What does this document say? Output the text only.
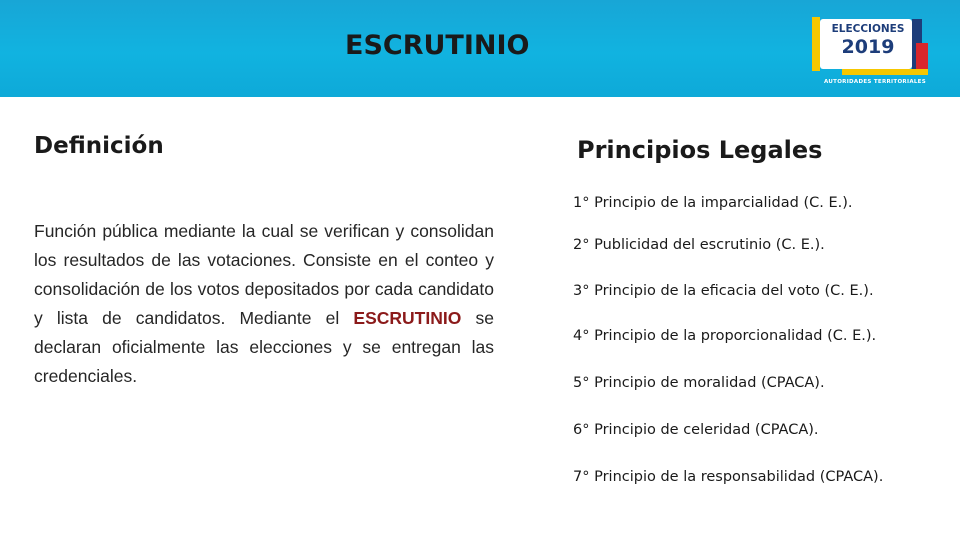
ESCRUTINIO
ELECCIONES
2019
AUTORIDADES TERRITORIALES
Definición
Función pública mediante la cual se verifican y consolidan los resultados de las votaciones. Consiste en el conteo y consolidación de los votos depositados por cada candidato y lista de candidatos. Mediante el ESCRUTINIO se declaran oficialmente las elecciones y se entregan las credenciales.
Principios Legales
1° Principio de la imparcialidad (C. E.).
2° Publicidad del escrutinio (C. E.).
3° Principio de la eficacia del voto (C. E.).
4° Principio de la proporcionalidad (C. E.).
5° Principio de moralidad (CPACA).
6° Principio de celeridad (CPACA).
7° Principio de la responsabilidad (CPACA).
